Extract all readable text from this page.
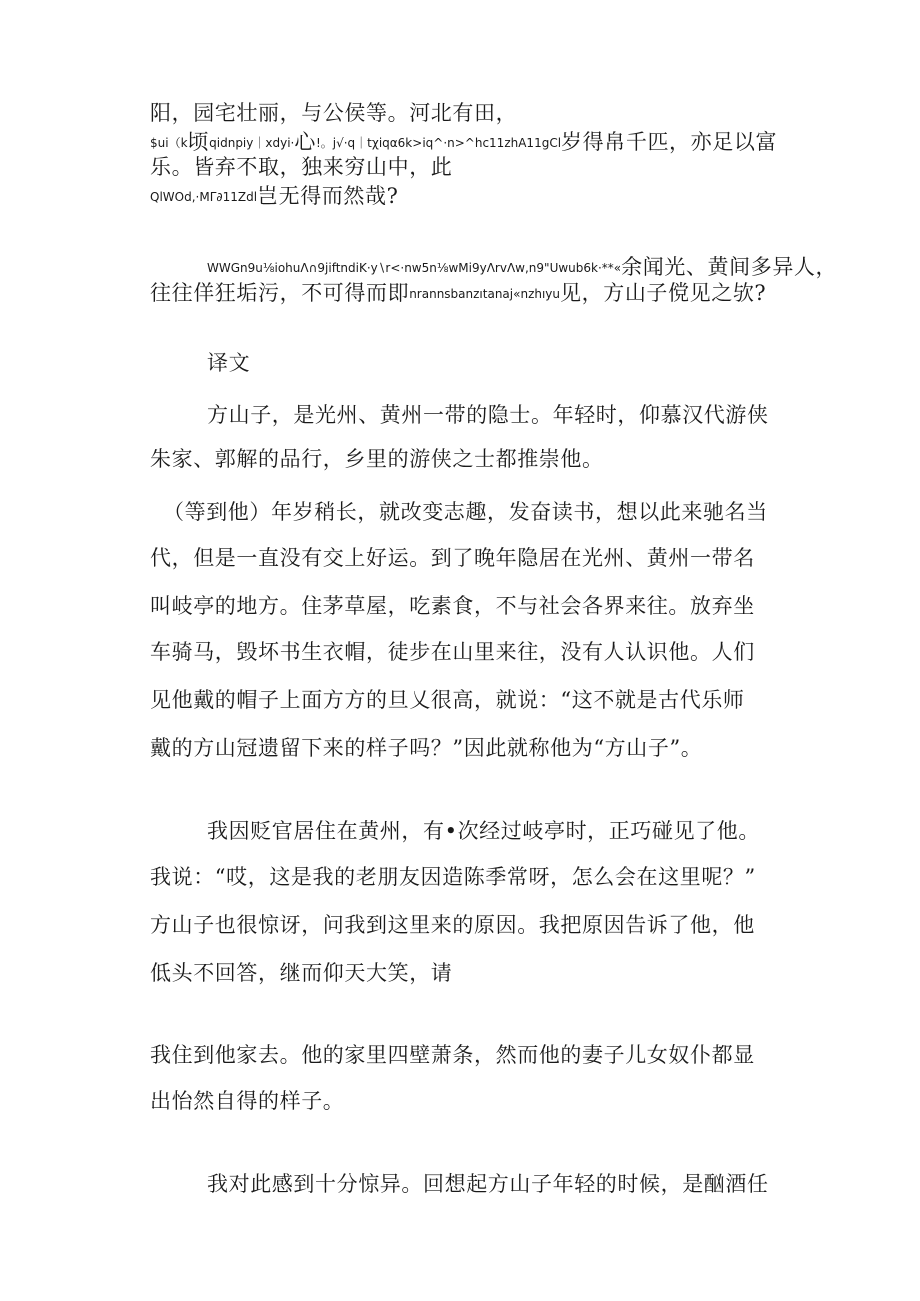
阳，园宅壮丽，与公侯等。河北有田，
$ui（k顷qidnpiy｜xdyi·心!。j√·q｜tχiqα6k>iq^·n>^hc11zhA11gCl岁得帛千匹，亦足以富
乐。皆弃不取，独来穷山中，此
QlWOd,·MΓ∂11Zdl岂无得而然哉?
WWGn9u⅛iohuΛ∩9jiftndiK·y∖r<·nw5n⅛wMi9yΛrvΛw,n9"Uwub6k·**«余闻光、黄间多异人，
往往佯狂垢污，不可得而即nrannsbanzıtanaj«nzhıyu见，方山子傥见之欤?
译文
方山子，是光州、黄州一带的隐士。年轻时，仰慕汉代游侠
朱家、郭解的品行，乡里的游侠之士都推崇他。
（等到他）年岁稍长，就改变志趣，发奋读书，想以此来驰名当
代，但是一直没有交上好运。到了晚年隐居在光州、黄州一带名
叫岐亭的地方。住茅草屋，吃素食，不与社会各界来往。放弃坐
车骑马，毁坏书生衣帽，徒步在山里来往，没有人认识他。人们
见他戴的帽子上面方方的旦乂很高，就说：“这不就是古代乐师
戴的方山冠遗留下来的样子吗？”因此就称他为“方山子”。
我因贬官居住在黄州，有•次经过岐亭时，正巧碰见了他。
我说：“哎，这是我的老朋友因造陈季常呀，怎么会在这里呢？”
方山子也很惊讶，问我到这里来的原因。我把原因告诉了他，他
低头不回答，继而仰天大笑，请
我住到他家去。他的家里四壁萧条，然而他的妻子儿女奴仆都显
出怡然自得的样子。
我对此感到十分惊异。回想起方山子年轻的时候，是酗酒任
